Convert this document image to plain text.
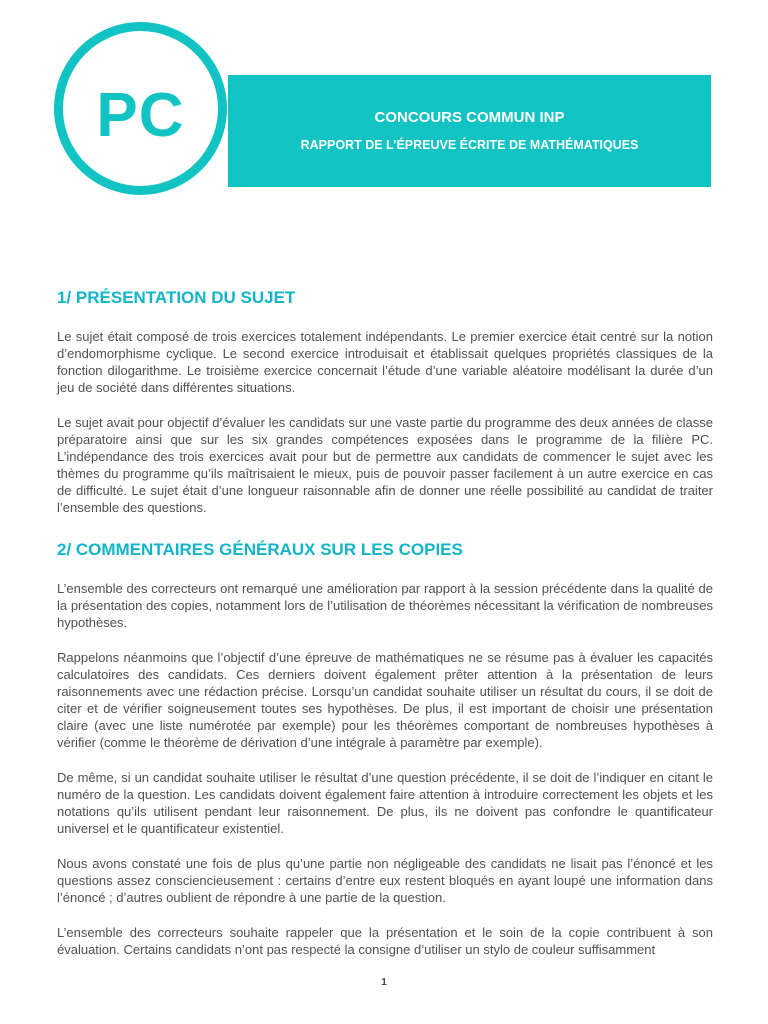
PC	CONCOURS COMMUN INP
RAPPORT DE L’ÉPREUVE ÉCRITE DE MATHÉMATIQUES
1/ PRÉSENTATION DU SUJET

Le sujet était composé de trois exercices totalement indépendants. Le premier exercice était centré sur la notion d’endomorphisme cyclique. Le second exercice introduisait et établissait quelques propriétés classiques de la fonction dilogarithme. Le troisième exercice concernait l’étude d’une variable aléatoire modélisant la durée d’un jeu de société dans différentes situations.

Le sujet avait pour objectif d’évaluer les candidats sur une vaste partie du programme des deux années de classe préparatoire ainsi que sur les six grandes compétences exposées dans le programme de la filière PC. L’indépendance des trois exercices avait pour but de permettre aux candidats de commencer le sujet avec les thèmes du programme qu’ils maîtrisaient le mieux, puis de pouvoir passer facilement à un autre exercice en cas de difficulté. Le sujet était d’une longueur raisonnable afin de donner une réelle possibilité au candidat de traiter l’ensemble des questions.

2/ COMMENTAIRES GÉNÉRAUX SUR LES COPIES

L’ensemble des correcteurs ont remarqué une amélioration par rapport à la session précédente dans la qualité de la présentation des copies, notamment lors de l’utilisation de théorèmes nécessitant la vérification de nombreuses hypothèses.

Rappelons néanmoins que l’objectif d’une épreuve de mathématiques ne se résume pas à évaluer les capacités calculatoires des candidats. Ces derniers doivent également prêter attention à la présentation de leurs raisonnements avec une rédaction précise. Lorsqu’un candidat souhaite utiliser un résultat du cours, il se doit de citer et de vérifier soigneusement toutes ses hypothèses. De plus, il est important de choisir une présentation claire (avec une liste numérotée par exemple) pour les théorèmes comportant de nombreuses hypothèses à vérifier (comme le théorème de dérivation d’une intégrale à paramètre par exemple).

De même, si un candidat souhaite utiliser le résultat d’une question précédente, il se doit de l’indiquer en citant le numéro de la question. Les candidats doivent également faire attention à introduire correctement les objets et les notations qu’ils utilisent pendant leur raisonnement. De plus, ils ne doivent pas confondre le quantificateur universel et le quantificateur existentiel.

Nous avons constaté une fois de plus qu’une partie non négligeable des candidats ne lisait pas l’énoncé et les questions assez consciencieusement : certains d’entre eux restent bloqués en ayant loupé une information dans l’énoncé ; d’autres oublient de répondre à une partie de la question.

L’ensemble des correcteurs souhaite rappeler que la présentation et le soin de la copie contribuent à son évaluation. Certains candidats n’ont pas respecté la consigne d’utiliser un stylo de couleur suffisamment

1
